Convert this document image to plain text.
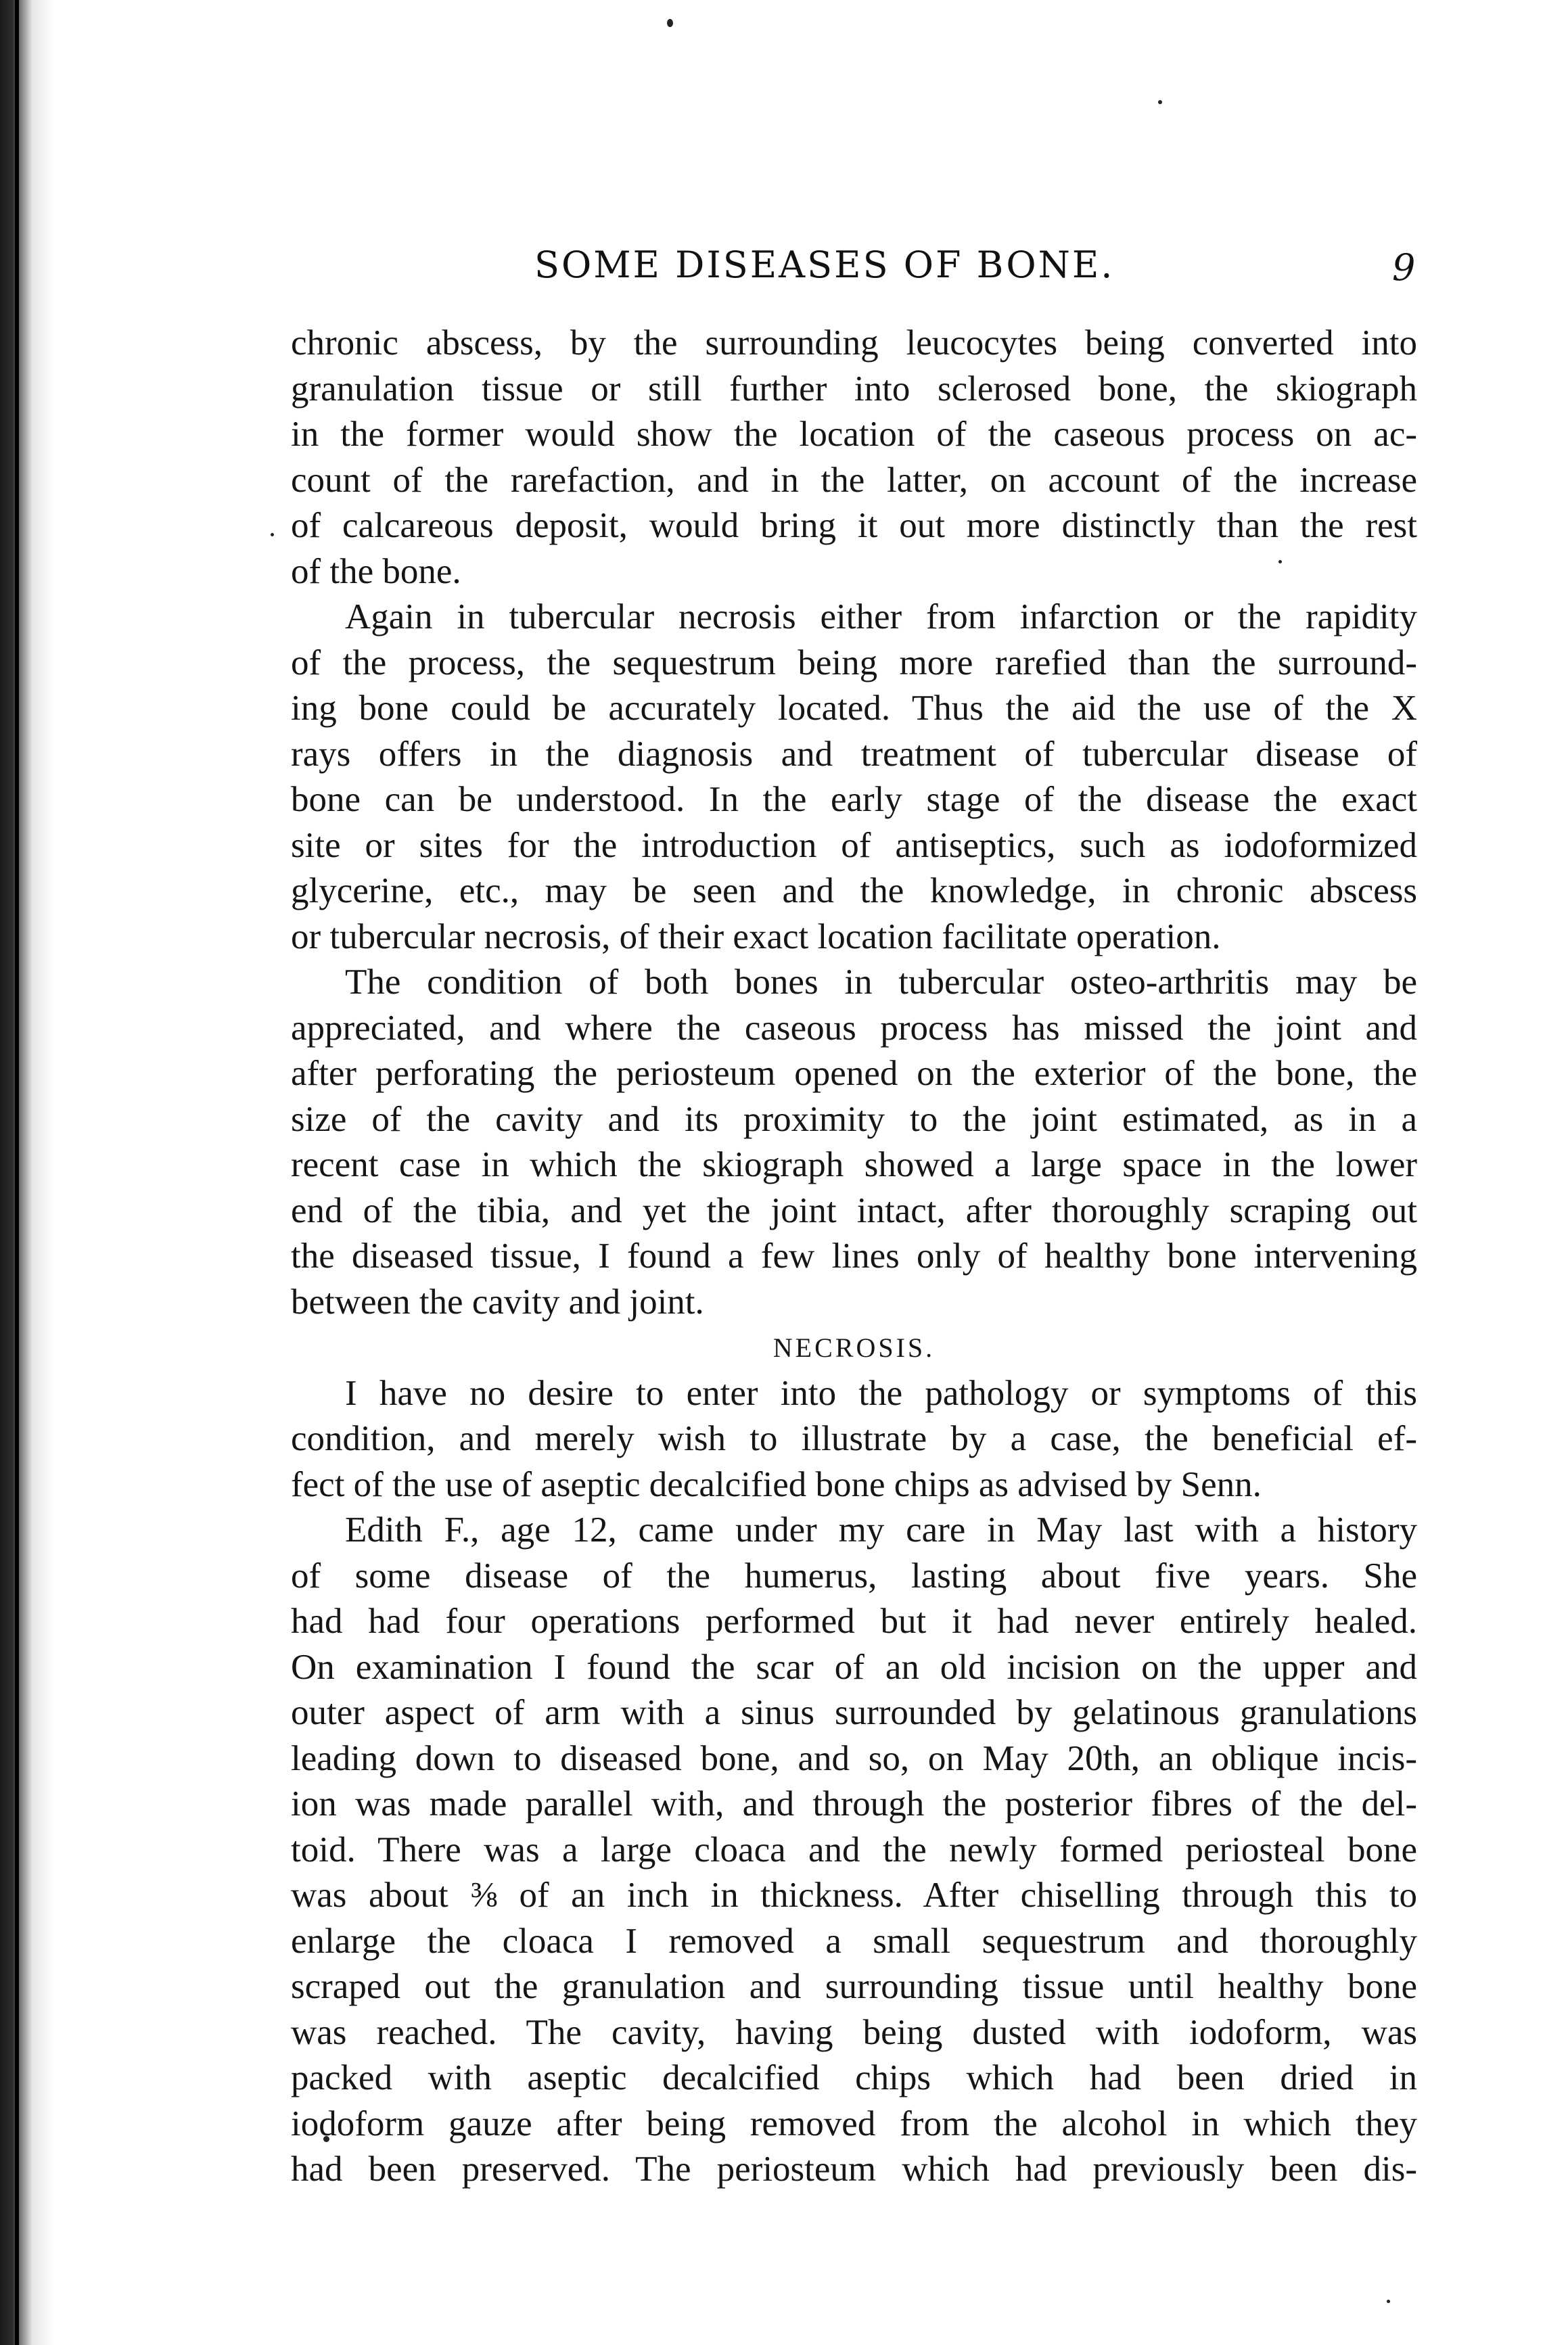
SOME DISEASES OF BONE.	9
chronic abscess, by the surrounding leucocytes being converted into
granulation tissue or still further into sclerosed bone, the skiograph
in the former would show the location of the caseous process on ac-
count of the rarefaction, and in the latter, on account of the increase
of calcareous deposit, would bring it out more distinctly than the rest
of the bone.
Again in tubercular necrosis either from infarction or the rapidity
of the process, the sequestrum being more rarefied than the surround-
ing bone could be accurately located. Thus the aid the use of the X
rays offers in the diagnosis and treatment of tubercular disease of
bone can be understood. In the early stage of the disease the exact
site or sites for the introduction of antiseptics, such as iodoformized
glycerine, etc., may be seen and the knowledge, in chronic abscess
or tubercular necrosis, of their exact location facilitate operation.
The condition of both bones in tubercular osteo-arthritis may be
appreciated, and where the caseous process has missed the joint and
after perforating the periosteum opened on the exterior of the bone, the
size of the cavity and its proximity to the joint estimated, as in a
recent case in which the skiograph showed a large space in the lower
end of the tibia, and yet the joint intact, after thoroughly scraping out
the diseased tissue, I found a few lines only of healthy bone intervening
between the cavity and joint.
NECROSIS.
I have no desire to enter into the pathology or symptoms of this
condition, and merely wish to illustrate by a case, the beneficial ef-
fect of the use of aseptic decalcified bone chips as advised by Senn.
Edith F., age 12, came under my care in May last with a history
of some disease of the humerus, lasting about five years. She
had had four operations performed but it had never entirely healed.
On examination I found the scar of an old incision on the upper and
outer aspect of arm with a sinus surrounded by gelatinous granulations
leading down to diseased bone, and so, on May 20th, an oblique incis-
ion was made parallel with, and through the posterior fibres of the del-
toid. There was a large cloaca and the newly formed periosteal bone
was about ⅜ of an inch in thickness. After chiselling through this to
enlarge the cloaca I removed a small sequestrum and thoroughly
scraped out the granulation and surrounding tissue until healthy bone
was reached. The cavity, having being dusted with iodoform, was
packed with aseptic decalcified chips which had been dried in
iodoform gauze after being removed from the alcohol in which they
had been preserved. The periosteum which had previously been dis-
